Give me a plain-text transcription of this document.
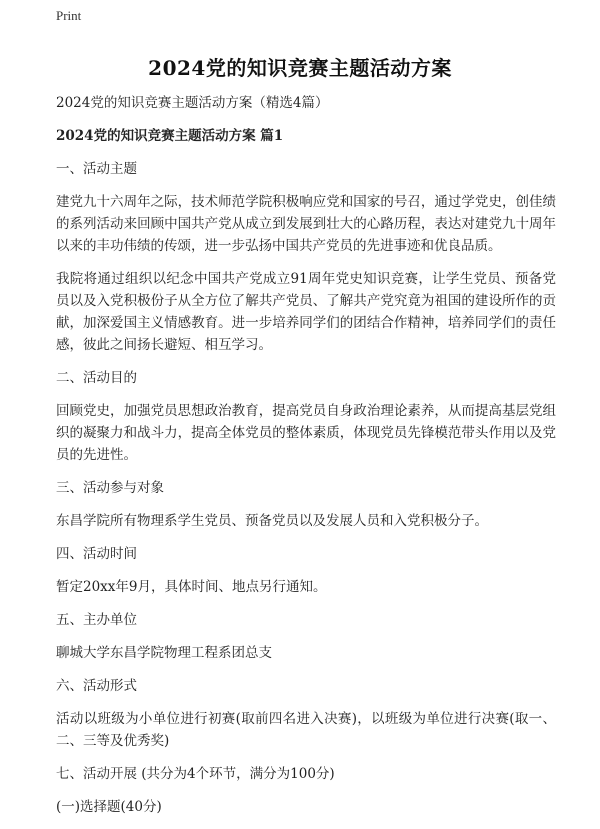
Print
2024党的知识竞赛主题活动方案

2024党的知识竞赛主题活动方案（精选4篇）

2024党的知识竞赛主题活动方案 篇1

一、活动主题

建党九十六周年之际，技术师范学院积极响应党和国家的号召，通过学党史，创佳绩的系列活动来回顾中国共产党从成立到发展到壮大的心路历程，表达对建党九十周年以来的丰功伟绩的传颂，进一步弘扬中国共产党员的先进事迹和优良品质。

我院将通过组织以纪念中国共产党成立91周年党史知识竞赛，让学生党员、预备党员以及入党积极份子从全方位了解共产党员、了解共产党究竟为祖国的建设所作的贡献，加深爱国主义情感教育。进一步培养同学们的团结合作精神，培养同学们的责任感，彼此之间扬长避短、相互学习。

二、活动目的

回顾党史，加强党员思想政治教育，提高党员自身政治理论素养，从而提高基层党组织的凝聚力和战斗力，提高全体党员的整体素质，体现党员先锋模范带头作用以及党员的先进性。

三、活动参与对象

东昌学院所有物理系学生党员、预备党员以及发展人员和入党积极分子。

四、活动时间

暂定20xx年9月，具体时间、地点另行通知。

五、主办单位

聊城大学东昌学院物理工程系团总支

六、活动形式

活动以班级为小单位进行初赛(取前四名进入决赛)，以班级为单位进行决赛(取一、二、三等及优秀奖)

七、活动开展 (共分为4个环节，满分为100分)

(一)选择题(40分)
